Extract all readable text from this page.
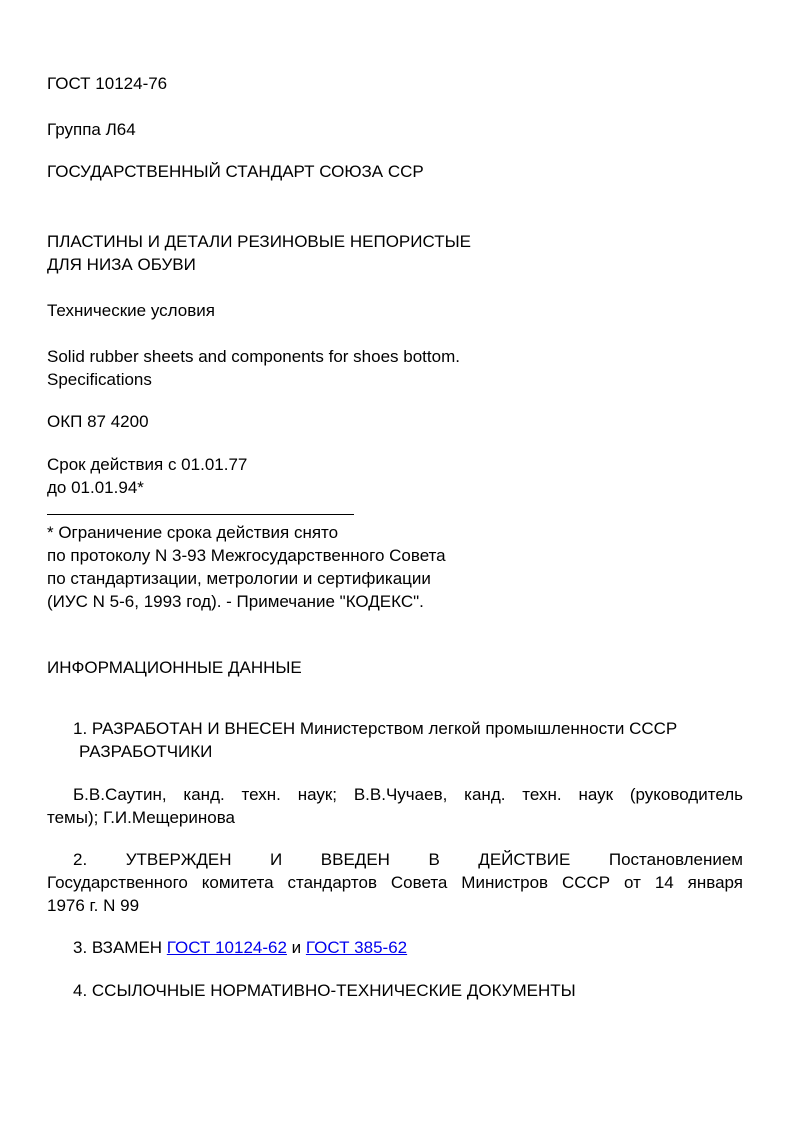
ГОСТ 10124-76
Группа Л64
ГОСУДАРСТВЕННЫЙ СТАНДАРТ СОЮЗА ССР
ПЛАСТИНЫ И ДЕТАЛИ РЕЗИНОВЫЕ НЕПОРИСТЫЕ
ДЛЯ НИЗА ОБУВИ
Технические условия
Solid rubber sheets and components for shoes bottom.
Specifications
ОКП 87 4200
Срок действия с 01.01.77
до 01.01.94*
* Ограничение срока действия снято
по протоколу N 3-93 Межгосударственного Совета
по стандартизации, метрологии и сертификации
(ИУС N 5-6, 1993 год). - Примечание "КОДЕКС".
ИНФОРМАЦИОННЫЕ ДАННЫЕ
1. РАЗРАБОТАН И ВНЕСЕН Министерством легкой промышленности СССР
РАЗРАБОТЧИКИ
Б.В.Саутин, канд. техн. наук; В.В.Чучаев, канд. техн. наук (руководитель
темы); Г.И.Мещеринова
2. УТВЕРЖДЕН И ВВЕДЕН В ДЕЙСТВИЕ Постановлением
Государственного комитета стандартов Совета Министров СССР от 14 января
1976 г. N 99
3. ВЗАМЕН ГОСТ 10124-62 и ГОСТ 385-62
4. ССЫЛОЧНЫЕ НОРМАТИВНО-ТЕХНИЧЕСКИЕ ДОКУМЕНТЫ
